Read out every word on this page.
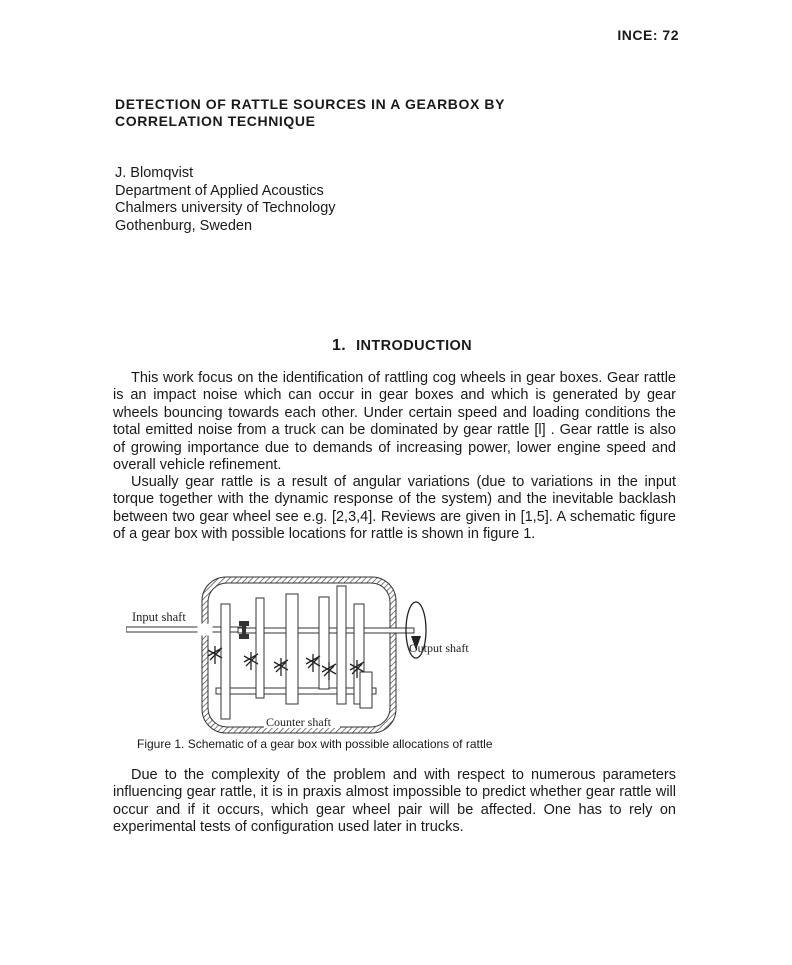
INCE: 72
DETECTION OF RATTLE SOURCES IN A GEARBOX BY
CORRELATION TECHNIQUE
J. Blomqvist
Department of Applied Acoustics
Chalmers university of Technology
Gothenburg, Sweden
1. INTRODUCTION

This work focus on the identification of rattling cog wheels in gear boxes. Gear rattle is an impact noise which can occur in gear boxes and which is generated by gear wheels bouncing towards each other. Under certain speed and loading conditions the total emitted noise from a truck can be dominated by gear rattle [l] . Gear rattle is also of growing importance due to demands of increasing power, lower engine speed and overall vehicle refinement.

Usually gear rattle is a result of angular variations (due to variations in the input torque together with the dynamic response of the system) and the inevitable backlash between two gear wheel see e.g. [2,3,4]. Reviews are given in [1,5]. A schematic figure of a gear box with possible locations for rattle is shown in figure 1.

Input shaft
Output shaft
Counter shaft
Figure 1. Schematic of a gear box with possible allocations of rattle

Due to the complexity of the problem and with respect to numerous parameters influencing gear rattle, it is in praxis almost impossible to predict whether gear rattle will occur and if it occurs, which gear wheel pair will be affected. One has to rely on experimental tests of configuration used later in trucks.
